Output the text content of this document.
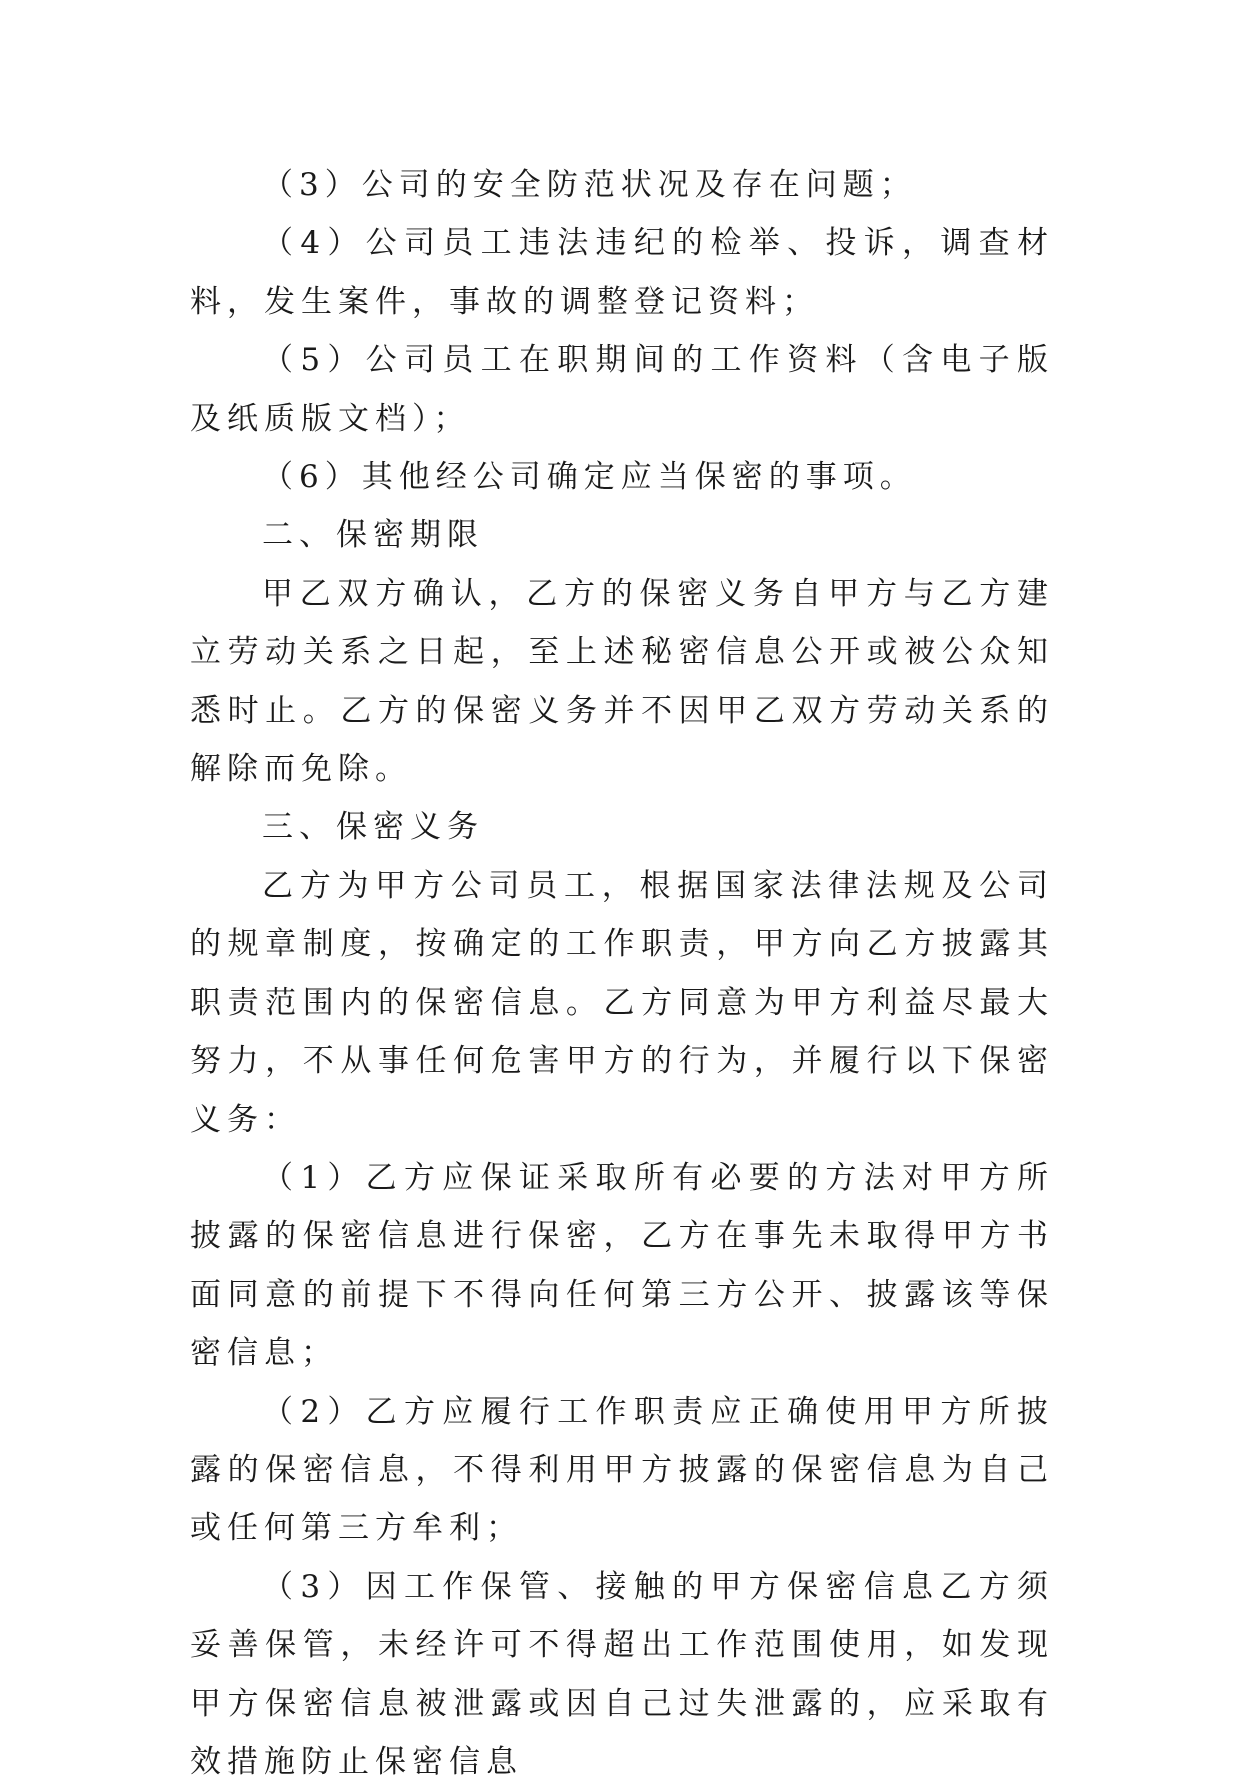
（3）公司的安全防范状况及存在问题；

（4）公司员工违法违纪的检举、投诉，调查材料，发生案件，事故的调整登记资料；

（5）公司员工在职期间的工作资料（含电子版及纸质版文档）；

（6）其他经公司确定应当保密的事项。

二、保密期限

甲乙双方确认，乙方的保密义务自甲方与乙方建立劳动关系之日起，至上述秘密信息公开或被公众知悉时止。乙方的保密义务并不因甲乙双方劳动关系的解除而免除。

三、保密义务

乙方为甲方公司员工，根据国家法律法规及公司的规章制度，按确定的工作职责，甲方向乙方披露其职责范围内的保密信息。乙方同意为甲方利益尽最大努力，不从事任何危害甲方的行为，并履行以下保密义务：

（1）乙方应保证采取所有必要的方法对甲方所披露的保密信息进行保密，乙方在事先未取得甲方书面同意的前提下不得向任何第三方公开、披露该等保密信息；

（2）乙方应履行工作职责应正确使用甲方所披露的保密信息，不得利用甲方披露的保密信息为自己或任何第三方牟利；

（3）因工作保管、接触的甲方保密信息乙方须妥善保管，未经许可不得超出工作范围使用，如发现甲方保密信息被泄露或因自己过失泄露的，应采取有效措施防止保密信息
